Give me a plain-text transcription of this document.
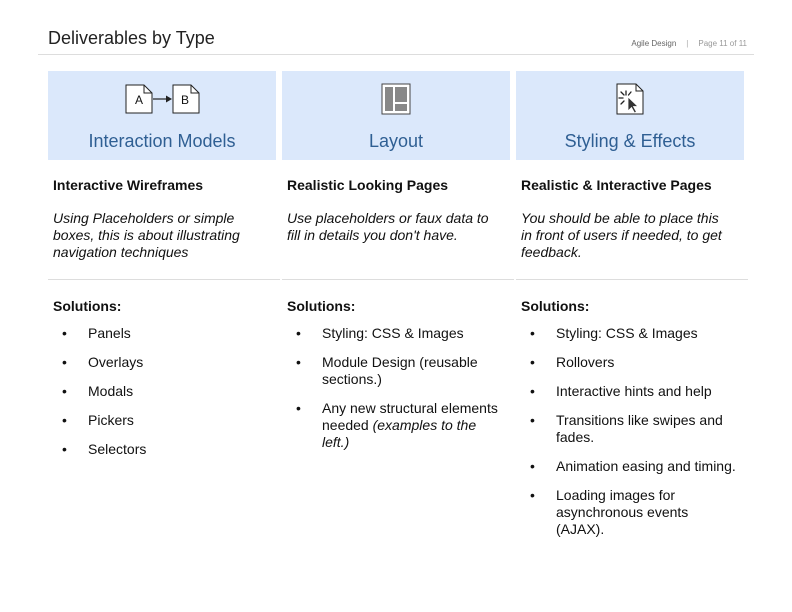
Deliverables by Type	Agile Design | Page 11 of 11
A	B
Interaction Models
Interactive Wireframes
Using Placeholders or simple boxes, this is about illustrating navigation techniques
Solutions:
• Panels
• Overlays
• Modals
• Pickers
• Selectors
Layout
Realistic Looking Pages
Use placeholders or faux data to fill in details you don't have.
Solutions:
• Styling: CSS & Images
• Module Design (reusable sections.)
• Any new structural elements needed (examples to the left.)
Styling & Effects
Realistic & Interactive Pages
You should be able to place this in front of users if needed, to get feedback.
Solutions:
• Styling: CSS & Images
• Rollovers
• Interactive hints and help
• Transitions like swipes and fades.
• Animation easing and timing.
• Loading images for asynchronous events (AJAX).
